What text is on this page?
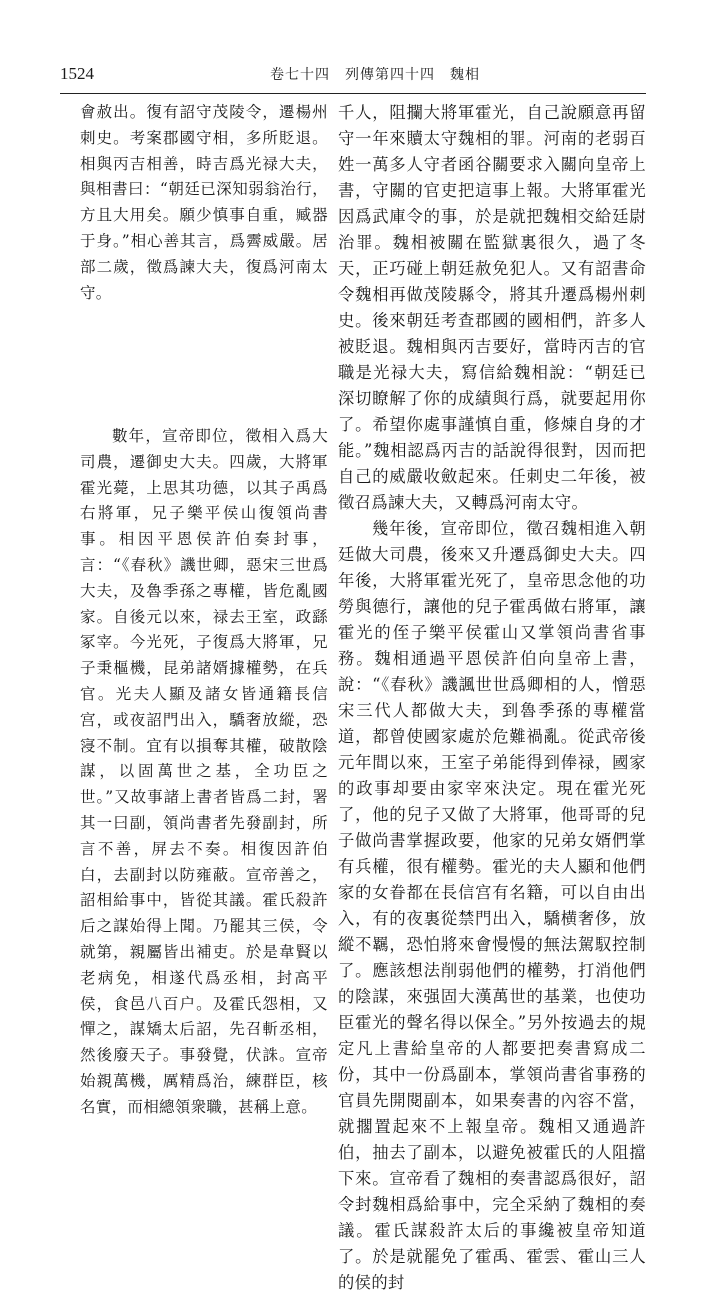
1524	卷七十四　列傳第四十四　魏相

會赦出。復有詔守茂陵令，遷楊州刺史。考案郡國守相，多所貶退。相與丙吉相善，時吉爲光禄大夫，與相書曰：“朝廷已深知弱翁治行，方且大用矣。願少慎事自重，臧器于身。”相心善其言，爲霽威嚴。居部二歲，徵爲諫大夫，復爲河南太守。

數年，宣帝即位，徵相入爲大司農，遷御史大夫。四歲，大將軍霍光薨，上思其功德，以其子禹爲右將軍，兄子樂平侯山復領尚書事。相因平恩侯許伯奏封事，言：“《春秋》譏世卿，惡宋三世爲大夫，及魯季孫之專權，皆危亂國家。自後元以來，禄去王室，政繇冢宰。今光死，子復爲大將軍，兄子秉樞機，昆弟諸婿據權勢，在兵官。光夫人顯及諸女皆通籍長信宫，或夜詔門出入，驕奢放縱，恐寖不制。宜有以損奪其權，破散陰謀，以固萬世之基，全功臣之世。”又故事諸上書者皆爲二封，署其一曰副，領尚書者先發副封，所言不善，屏去不奏。相復因許伯白，去副封以防雍蔽。宣帝善之，詔相給事中，皆從其議。霍氏殺許后之謀始得上聞。乃罷其三侯，令就第，親屬皆出補吏。於是韋賢以老病免，相遂代爲丞相，封高平侯，食邑八百户。及霍氏怨相，又憚之，謀矯太后詔，先召斬丞相，然後廢天子。事發覺，伏誅。宣帝始親萬機，厲精爲治，練群臣，核名實，而相總領衆職，甚稱上意。

千人，阻攔大將軍霍光，自己說願意再留守一年來贖太守魏相的罪。河南的老弱百姓一萬多人守者函谷關要求入關向皇帝上書，守關的官吏把這事上報。大將軍霍光因爲武庫令的事，於是就把魏相交給廷尉治罪。魏相被關在監獄裏很久，過了冬天，正巧碰上朝廷赦免犯人。又有詔書命令魏相再做茂陵縣令，將其升遷爲楊州刺史。後來朝廷考查郡國的國相們，許多人被貶退。魏相與丙吉要好，當時丙吉的官職是光禄大夫，寫信給魏相說：“朝廷已深切瞭解了你的成績與行爲，就要起用你了。希望你處事謹慎自重，修煉自身的才能。”魏相認爲丙吉的話說得很對，因而把自己的威嚴收斂起來。任刺史二年後，被徵召爲諫大夫，又轉爲河南太守。

幾年後，宣帝即位，徵召魏相進入朝廷做大司農，後來又升遷爲御史大夫。四年後，大將軍霍光死了，皇帝思念他的功勞與德行，讓他的兒子霍禹做右將軍，讓霍光的侄子樂平侯霍山又掌領尚書省事務。魏相通過平恩侯許伯向皇帝上書，說：“《春秋》譏諷世世爲卿相的人，憎惡宋三代人都做大夫，到魯季孫的專權當道，都曾使國家處於危難禍亂。從武帝後元年間以來，王室子弟能得到俸禄，國家的政事却要由家宰來決定。現在霍光死了，他的兒子又做了大將軍，他哥哥的兒子做尚書掌握政要，他家的兄弟女婿們掌有兵權，很有權勢。霍光的夫人顯和他們家的女眷都在長信宫有名籍，可以自由出入，有的夜裏從禁門出入，驕横奢侈，放縱不羈，恐怕將來會慢慢的無法駕馭控制了。應該想法削弱他們的權勢，打消他們的陰謀，來强固大漢萬世的基業，也使功臣霍光的聲名得以保全。”另外按過去的規定凡上書給皇帝的人都要把奏書寫成二份，其中一份爲副本，掌領尚書省事務的官員先開閱副本，如果奏書的內容不當，就擱置起來不上報皇帝。魏相又通過許伯，抽去了副本，以避免被霍氏的人阻擋下來。宣帝看了魏相的奏書認爲很好，詔令封魏相爲給事中，完全采納了魏相的奏議。霍氏謀殺許太后的事纔被皇帝知道了。於是就罷免了霍禹、霍雲、霍山三人的侯的封
